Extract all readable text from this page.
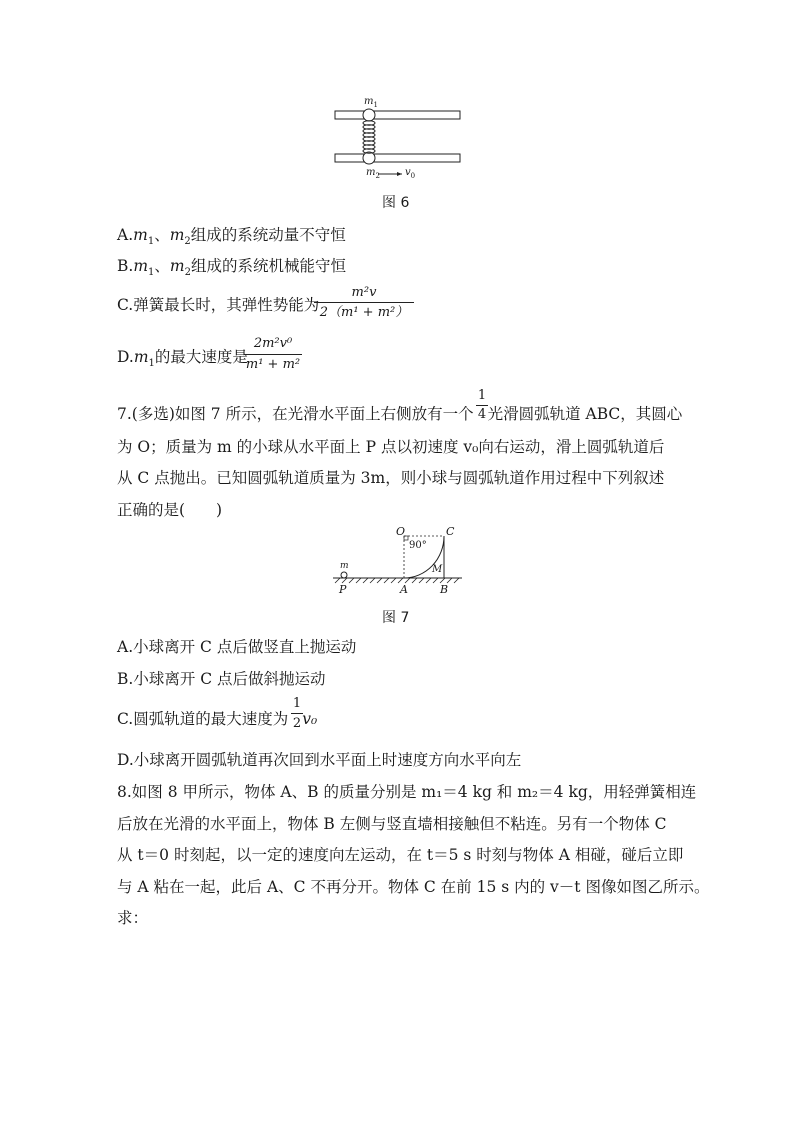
$m_1$
$m_2$	$v_0$
图 6
$A.m_1$、$m_2$组成的系统动量不守恒
$B.m_1$、$m_2$组成的系统机械能守恒
C.弹簧最长时，其弹性势能为
m²v
2（m¹ + m²）
$D.m_1$的最大速度是
2m²v⁰
m¹ + m²
7.(多选)如图 7 所示，在光滑水平面上右侧放有一个 光滑圆弧轨道 ABC，其圆心
1
4
为 O；质量为 m 的小球从水平面上 P 点以初速度 v₀向右运动，滑上圆弧轨道后
从 C 点抛出。已知圆弧轨道质量为 3m，则小球与圆弧轨道作用过程中下列叙述
正确的是(　　)
O	C
90°
M
m
P	A	B
图 7
A.小球离开 C 点后做竖直上抛运动
B.小球离开 C 点后做斜抛运动
C.圆弧轨道的最大速度为 v₀
1
2
D.小球离开圆弧轨道再次回到水平面上时速度方向水平向左
8.如图 8 甲所示，物体 A、B 的质量分别是 m₁＝4 kg 和 m₂＝4 kg，用轻弹簧相连
后放在光滑的水平面上，物体 B 左侧与竖直墙相接触但不粘连。另有一个物体 C
从 t＝0 时刻起，以一定的速度向左运动，在 t＝5 s 时刻与物体 A 相碰，碰后立即
与 A 粘在一起，此后 A、C 不再分开。物体 C 在前 15 s 内的 v－t 图像如图乙所示。
求：
